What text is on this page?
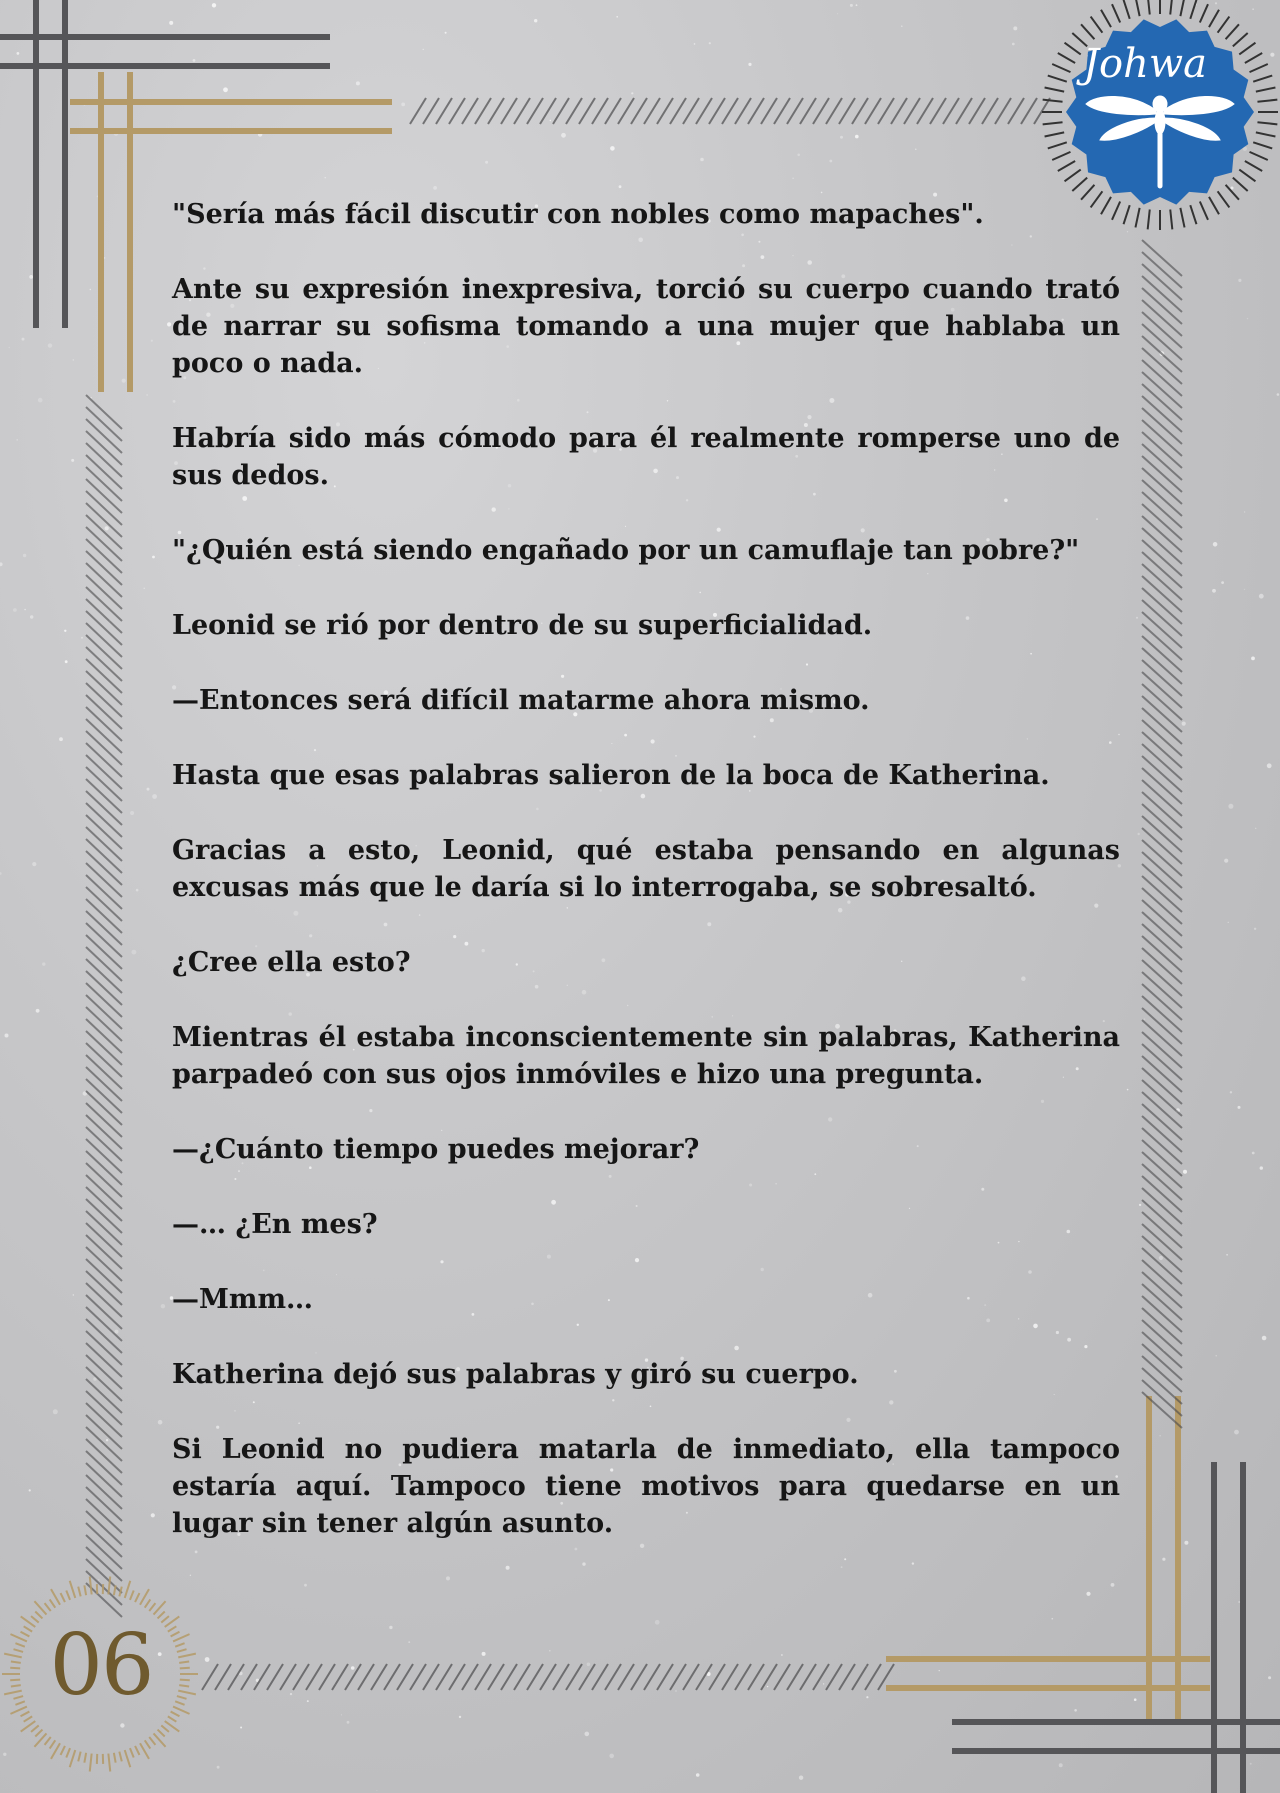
Johwa

"Sería más fácil discutir con nobles como mapaches".

Ante su expresión inexpresiva, torció su cuerpo cuando trató de narrar su sofisma tomando a una mujer que hablaba un poco o nada.

Habría sido más cómodo para él realmente romperse uno de sus dedos.

"¿Quién está siendo engañado por un camuflaje tan pobre?"

Leonid se rió por dentro de su superficialidad.

—Entonces será difícil matarme ahora mismo.

Hasta que esas palabras salieron de la boca de Katherina.

Gracias a esto, Leonid, qué estaba pensando en algunas excusas más que le daría si lo interrogaba, se sobresaltó.

¿Cree ella esto?

Mientras él estaba inconscientemente sin palabras, Katherina parpadeó con sus ojos inmóviles e hizo una pregunta.

—¿Cuánto tiempo puedes mejorar?

—… ¿En mes?

—Mmm…

Katherina dejó sus palabras y giró su cuerpo.

Si Leonid no pudiera matarla de inmediato, ella tampoco estaría aquí. Tampoco tiene motivos para quedarse en un lugar sin tener algún asunto.

06
